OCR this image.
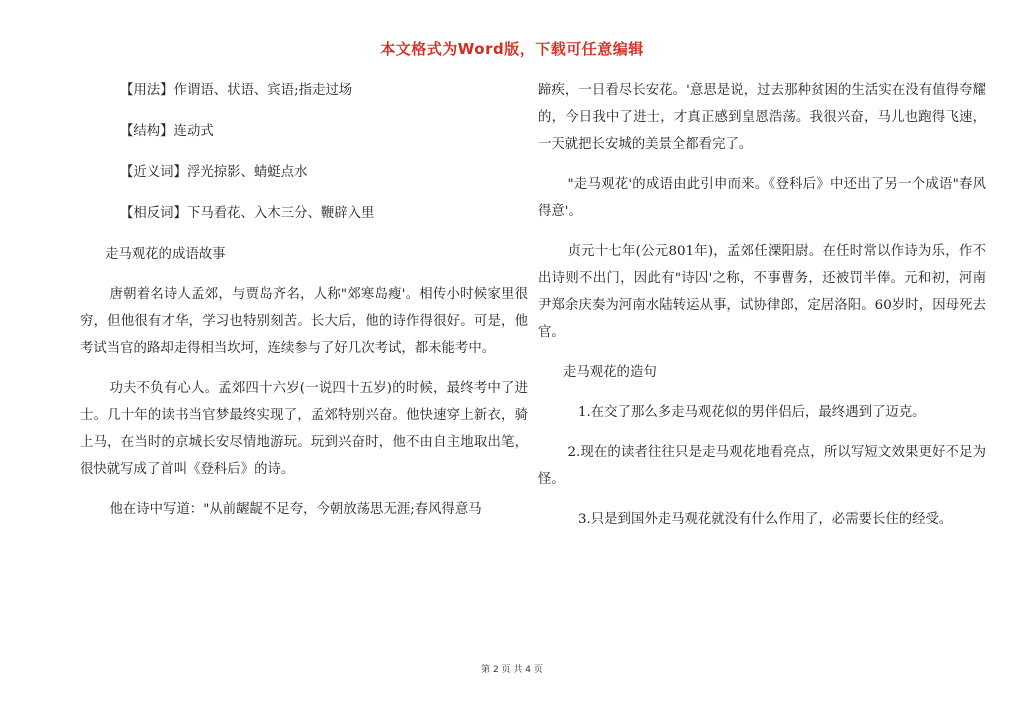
本文格式为Word版，下载可任意编辑

【用法】作谓语、状语、宾语;指走过场

【结构】连动式

【近义词】浮光掠影、蜻蜓点水

【相反词】下马看花、入木三分、鞭辟入里

走马观花的成语故事

唐朝着名诗人孟郊，与贾岛齐名，人称"郊寒岛瘦'。相传小时候家里很穷，但他很有才华，学习也特别刻苦。长大后，他的诗作得很好。可是，他考试当官的路却走得相当坎坷，连续参与了好几次考试，都未能考中。

功夫不负有心人。孟郊四十六岁(一说四十五岁)的时候，最终考中了进士。几十年的读书当官梦最终实现了，孟郊特别兴奋。他快速穿上新衣，骑上马，在当时的京城长安尽情地游玩。玩到兴奋时，他不由自主地取出笔，很快就写成了首叫《登科后》的诗。

他在诗中写道："从前龌龊不足夸，今朝放荡思无涯;春风得意马

蹄疾，一日看尽长安花。'意思是说，过去那种贫困的生活实在没有值得夸耀的，今日我中了进士，才真正感到皇恩浩荡。我很兴奋，马儿也跑得飞速，一天就把长安城的美景全都看完了。

"走马观花'的成语由此引申而来。《登科后》中还出了另一个成语"春风得意'。

贞元十七年(公元801年)，孟郊任溧阳尉。在任时常以作诗为乐，作不出诗则不出门，因此有"诗囚'之称，不事曹务，还被罚半俸。元和初，河南尹郑余庆奏为河南水陆转运从事，试协律郎，定居洛阳。60岁时，因母死去官。

走马观花的造句

1.在交了那么多走马观花似的男伴侣后，最终遇到了迈克。

2.现在的读者往往只是走马观花地看亮点，所以写短文效果更好不足为怪。

3.只是到国外走马观花就没有什么作用了，必需要长住的经受。

第 2 页 共 4 页
